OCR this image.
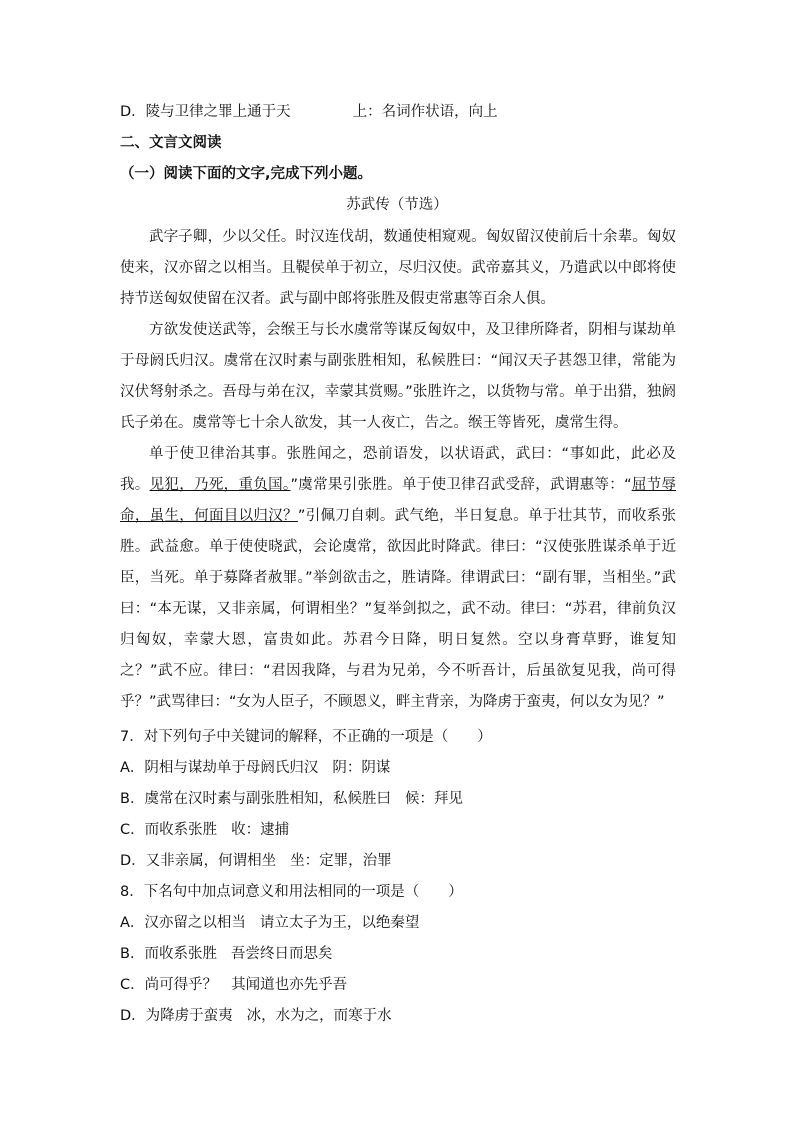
D．陵与卫律之罪上通于天	上：名词作状语，向上
二、文言文阅读
（一）阅读下面的文字,完成下列小题。
苏武传（节选）

武字子卿，少以父任。时汉连伐胡，数通使相窥观。匈奴留汉使前后十余辈。匈奴使来，汉亦留之以相当。且鞮侯单于初立，尽归汉使。武帝嘉其义，乃遣武以中郎将使持节送匈奴使留在汉者。武与副中郎将张胜及假吏常惠等百余人俱。

方欲发使送武等，会缑王与长水虞常等谋反匈奴中，及卫律所降者，阴相与谋劫单于母阏氏归汉。虞常在汉时素与副张胜相知，私候胜曰：“闻汉天子甚怨卫律，常能为汉伏弩射杀之。吾母与弟在汉，幸蒙其赏赐。”张胜许之，以货物与常。单于出猎，独阏氏子弟在。虞常等七十余人欲发，其一人夜亡，告之。缑王等皆死，虞常生得。

单于使卫律治其事。张胜闻之，恐前语发，以状语武，武曰：“事如此，此必及我。见犯，乃死，重负国。”虞常果引张胜。单于使卫律召武受辞，武谓惠等：“屈节辱命，虽生，何面目以归汉？”引佩刀自刺。武气绝，半日复息。单于壮其节，而收系张胜。武益愈。单于使使晓武，会论虞常，欲因此时降武。律曰：“汉使张胜谋杀单于近臣，当死。单于募降者赦罪。”举剑欲击之，胜请降。律谓武曰：“副有罪，当相坐。”武曰：“本无谋，又非亲属，何谓相坐？”复举剑拟之，武不动。律曰：“苏君，律前负汉归匈奴，幸蒙大恩，富贵如此。苏君今日降，明日复然。空以身膏草野，谁复知之？”武不应。律曰：“君因我降，与君为兄弟，今不听吾计，后虽欲复见我，尚可得乎？”武骂律曰：“女为人臣子，不顾恩义，畔主背亲，为降虏于蛮夷，何以女为见？”

7．对下列句子中关键词的解释，不正确的一项是（　　）
A．阴相与谋劫单于母阏氏归汉 阴：阴谋
B．虞常在汉时素与副张胜相知，私候胜曰 候：拜见
C．而收系张胜 收：逮捕
D．又非亲属，何谓相坐 坐：定罪，治罪
8．下名句中加点词意义和用法相同的一项是（　　）
A．汉亦留之以相当 请立太子为王，以绝秦望
B．而收系张胜 吾尝终日而思矣
C．尚可得乎？ 其闻道也亦先乎吾
D．为降虏于蛮夷 冰，水为之，而寒于水
